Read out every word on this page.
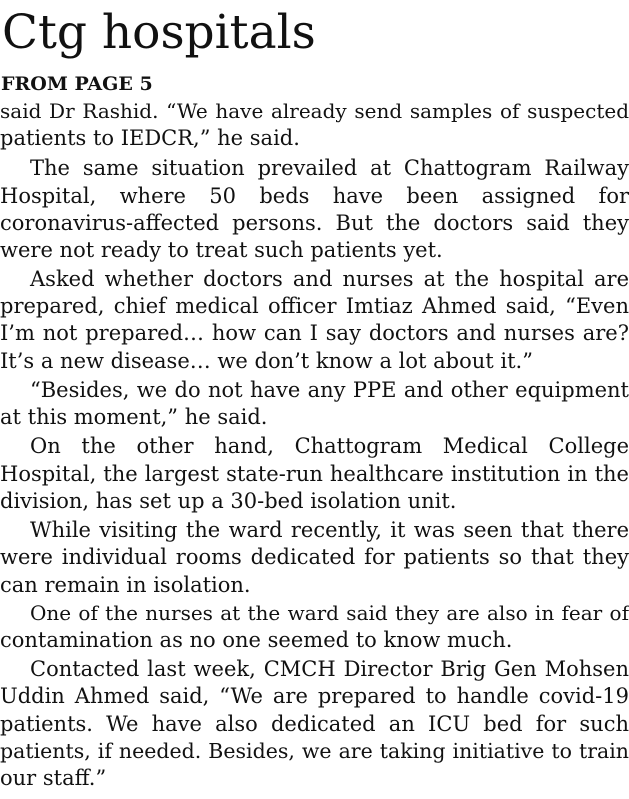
Ctg hospitals
FROM PAGE 5
said Dr Rashid. “We have already send samples of suspected
patients to IEDCR,” he said.
The same situation prevailed at Chattogram Railway
Hospital, where 50 beds have been assigned for
coronavirus-affected persons. But the doctors said they
were not ready to treat such patients yet.
Asked whether doctors and nurses at the hospital are
prepared, chief medical officer Imtiaz Ahmed said, “Even
I’m not prepared… how can I say doctors and nurses are?
It’s a new disease… we don’t know a lot about it.”
“Besides, we do not have any PPE and other equipment
at this moment,” he said.
On the other hand, Chattogram Medical College
Hospital, the largest state-run healthcare institution in the
division, has set up a 30-bed isolation unit.
While visiting the ward recently, it was seen that there
were individual rooms dedicated for patients so that they
can remain in isolation.
One of the nurses at the ward said they are also in fear of
contamination as no one seemed to know much.
Contacted last week, CMCH Director Brig Gen Mohsen
Uddin Ahmed said, “We are prepared to handle covid-19
patients. We have also dedicated an ICU bed for such
patients, if needed. Besides, we are taking initiative to train
our staff.”
